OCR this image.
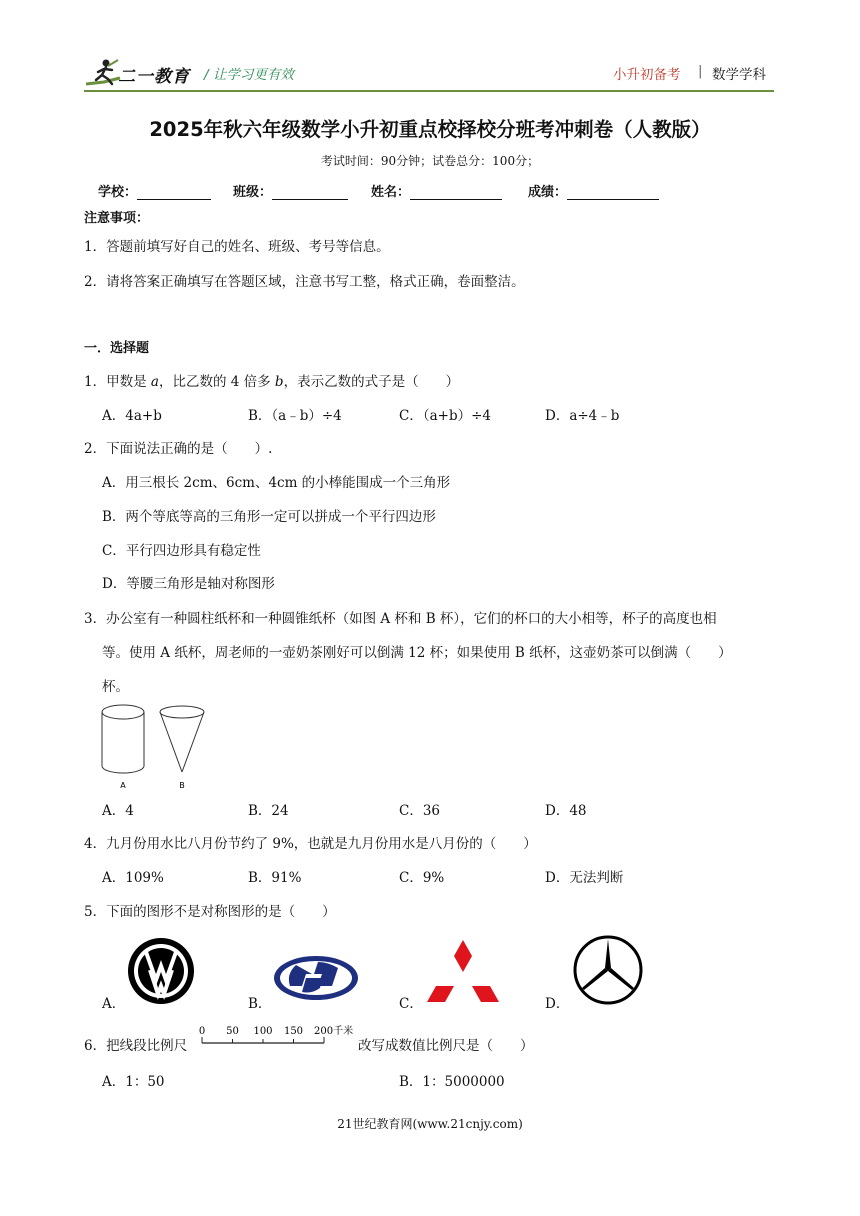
二一教育 / 让学习更有效	小升初备考 | 数学学科
2025年秋六年级数学小升初重点校择校分班考冲刺卷（人教版）
考试时间：90分钟；试卷总分：100分；
学校：	班级：	姓名：	成绩：
注意事项：
1．答题前填写好自己的姓名、班级、考号等信息。
2．请将答案正确填写在答题区域，注意书写工整，格式正确，卷面整洁。
一．选择题
1．甲数是 a，比乙数的 4 倍多 b，表示乙数的式子是（　　）
A．4a+b	B．（a﹣b）÷4	C．（a+b）÷4	D．a÷4﹣b
2．下面说法正确的是（　　）.
A．用三根长 2cm、6cm、4cm 的小棒能围成一个三角形
B．两个等底等高的三角形一定可以拼成一个平行四边形
C．平行四边形具有稳定性
D．等腰三角形是轴对称图形
3．办公室有一种圆柱纸杯和一种圆锥纸杯（如图 A 杯和 B 杯），它们的杯口的大小相等，杯子的高度也相
等。使用 A 纸杯，周老师的一壶奶茶刚好可以倒满 12 杯；如果使用 B 纸杯，这壶奶茶可以倒满（　　）
杯。
A	B
A．4	B．24	C．36	D．48
4．九月份用水比八月份节约了 9%，也就是九月份用水是八月份的（　　）
A．109%	B．91%	C．9%	D．无法判断
5．下面的图形不是对称图形的是（　　）
A．	B．	C．	D．
6．把线段比例尺
0 50 100 150 200千米
改写成数值比例尺是（　　）
A．1：50	B．1：5000000
21世纪教育网(www.21cnjy.com)
